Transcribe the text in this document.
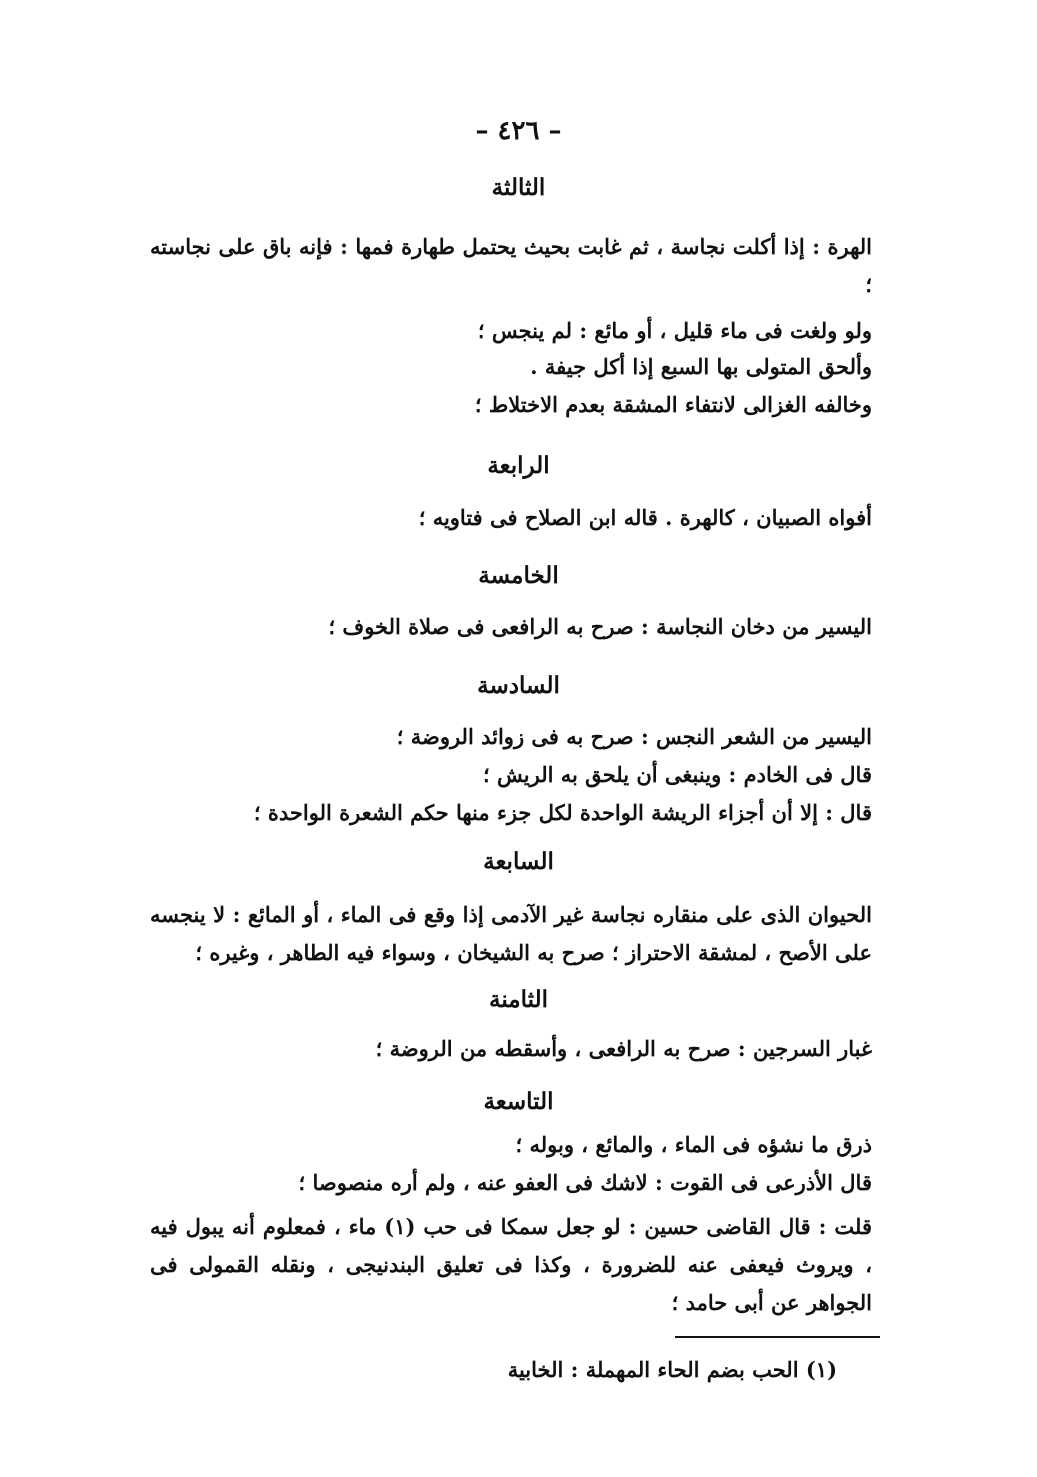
– ٤٢٦ –
الثالثة
الهرة : إذا أكلت نجاسة ، ثم غابت بحيث يحتمل طهارة فمها : فإنه باق على نجاسته ؛
ولو ولغت فى ماء قليل ، أو مائع : لم ينجس ؛
وألحق المتولى بها السبع إذا أكل جيفة .
وخالفه الغزالى لانتفاء المشقة بعدم الاختلاط ؛
الرابعة
أفواه الصبيان ، كالهرة . قاله ابن الصلاح فى فتاويه ؛
الخامسة
اليسير من دخان النجاسة : صرح به الرافعى فى صلاة الخوف ؛
السادسة
اليسير من الشعر النجس : صرح به فى زوائد الروضة ؛
قال فى الخادم : وينبغى أن يلحق به الريش ؛
قال : إلا أن أجزاء الريشة الواحدة لكل جزء منها حكم الشعرة الواحدة ؛
السابعة
الحيوان الذى على منقاره نجاسة غير الآدمى إذا وقع فى الماء ، أو المائع : لا ينجسه على الأصح ، لمشقة الاحتراز ؛ صرح به الشيخان ، وسواء فيه الطاهر ، وغيره ؛
الثامنة
غبار السرجين : صرح به الرافعى ، وأسقطه من الروضة ؛
التاسعة
ذرق ما نشؤه فى الماء ، والمائع ، وبوله ؛
قال الأذرعى فى القوت : لاشك فى العفو عنه ، ولم أره منصوصا ؛
قلت : قال القاضى حسين : لو جعل سمكا فى حب (١) ماء ، فمعلوم أنه يبول فيه ، ويروث فيعفى عنه للضرورة ، وكذا فى تعليق البندنيجى ، ونقله القمولى فى الجواهر عن أبى حامد ؛
(١) الحب بضم الحاء المهملة : الخابية
